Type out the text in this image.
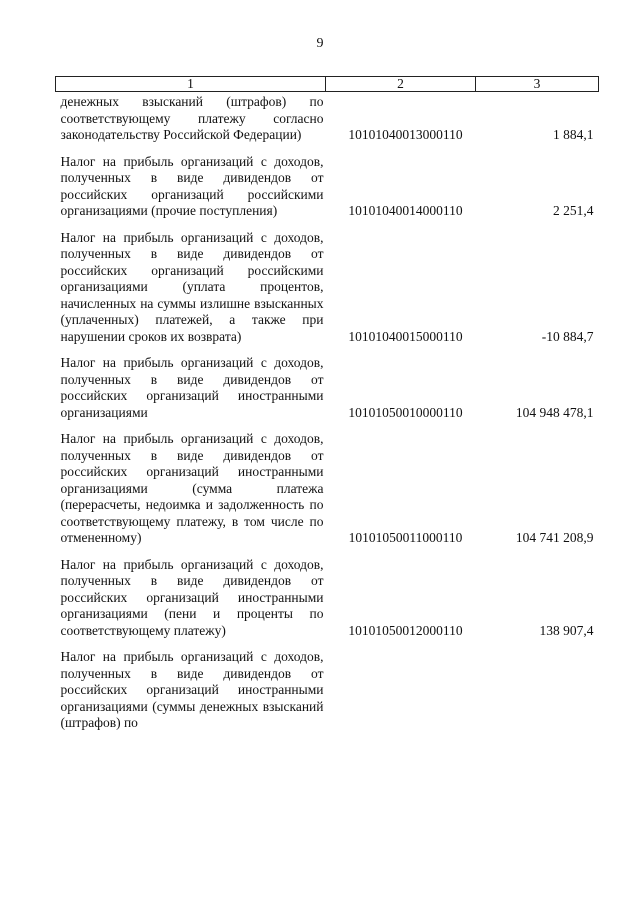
9
1	2	3
денежных взысканий (штрафов) по соответствующему платежу согласно законодательству Российской Федерации)	10101040013000110	1 884,1

Налог на прибыль организаций с доходов, полученных в виде дивидендов от российских организаций российскими организациями (прочие поступления)	10101040014000110	2 251,4

Налог на прибыль организаций с доходов, полученных в виде дивидендов от российских организаций российскими организациями (уплата процентов, начисленных на суммы излишне взысканных (уплаченных) платежей, а также при нарушении сроков их возврата)	10101040015000110	-10 884,7

Налог на прибыль организаций с доходов, полученных в виде дивидендов от российских организаций иностранными организациями	10101050010000110	104 948 478,1

Налог на прибыль организаций с доходов, полученных в виде дивидендов от российских организаций иностранными организациями (сумма платежа (перерасчеты, недоимка и задолженность по соответствующему платежу, в том числе по отмененному)	10101050011000110	104 741 208,9

Налог на прибыль организаций с доходов, полученных в виде дивидендов от российских организаций иностранными организациями (пени и проценты по соответствующему платежу)	10101050012000110	138 907,4

Налог на прибыль организаций с доходов, полученных в виде дивидендов от российских организаций иностранными организациями (суммы денежных взысканий (штрафов) по		
